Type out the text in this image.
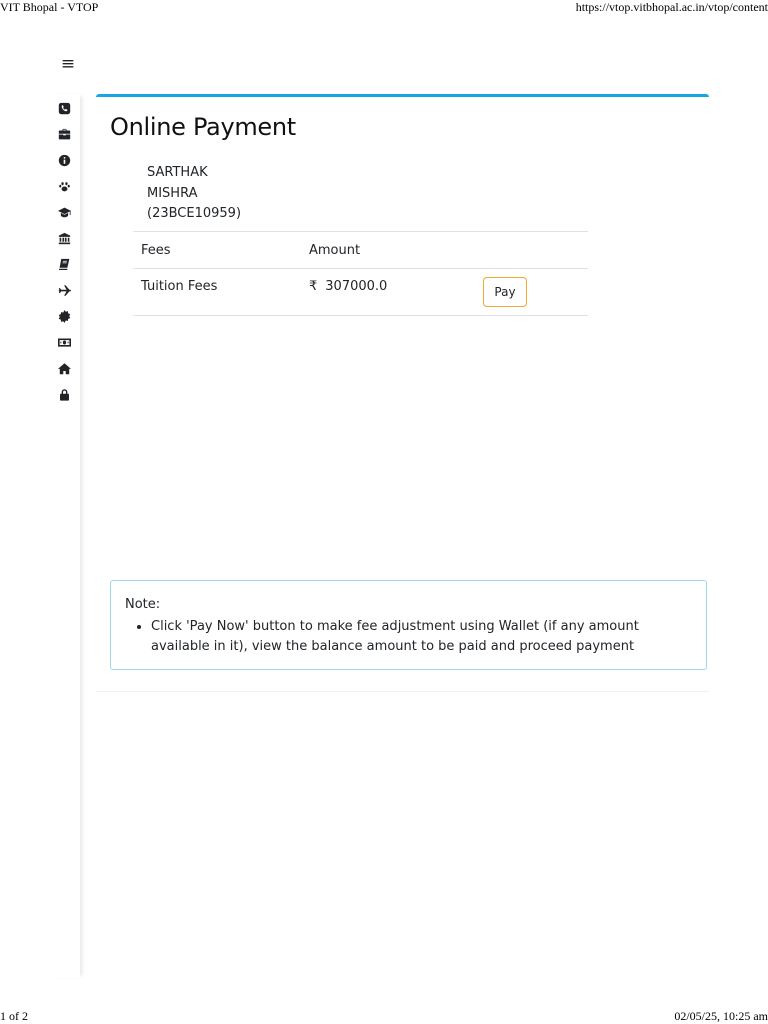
VIT Bhopal - VTOP	https://vtop.vitbhopal.ac.in/vtop/content
≡
Online Payment
SARTHAK
MISHRA
(23BCE10959)
Fees	Amount	

Tuition Fees	₹ 307000.0	Pay
Note:
• Click 'Pay Now' button to make fee adjustment using Wallet (if any amount available in it), view the balance amount to be paid and proceed payment
1 of 2	02/05/25, 10:25 am
